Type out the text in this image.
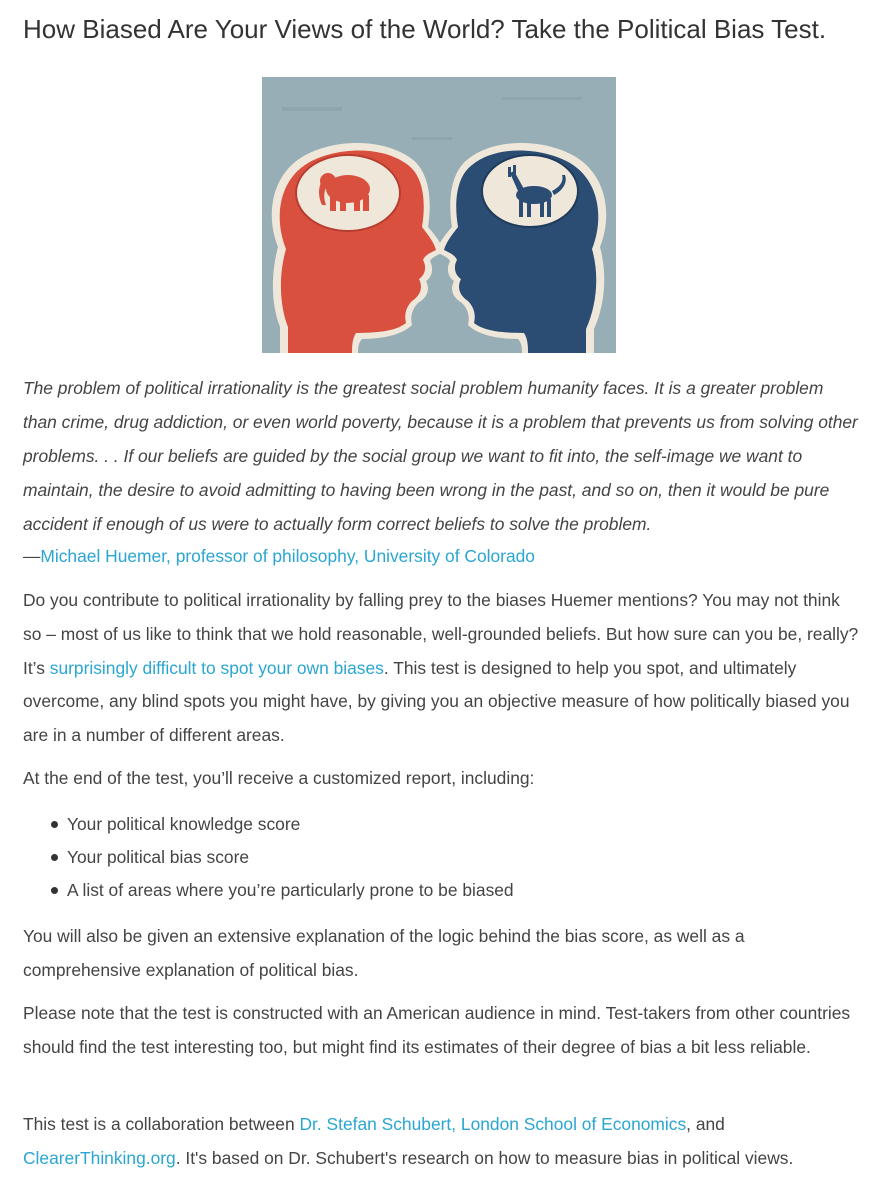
How Biased Are Your Views of the World? Take the Political Bias Test.

The problem of political irrationality is the greatest social problem humanity faces. It is a greater problem than crime, drug addiction, or even world poverty, because it is a problem that prevents us from solving other problems. . . If our beliefs are guided by the social group we want to fit into, the self-image we want to maintain, the desire to avoid admitting to having been wrong in the past, and so on, then it would be pure accident if enough of us were to actually form correct beliefs to solve the problem.

—Michael Huemer, professor of philosophy, University of Colorado

Do you contribute to political irrationality by falling prey to the biases Huemer mentions? You may not think so – most of us like to think that we hold reasonable, well-grounded beliefs. But how sure can you be, really? It’s surprisingly difficult to spot your own biases. This test is designed to help you spot, and ultimately overcome, any blind spots you might have, by giving you an objective measure of how politically biased you are in a number of different areas.

At the end of the test, you’ll receive a customized report, including:

Your political knowledge score
Your political bias score
A list of areas where you’re particularly prone to be biased

You will also be given an extensive explanation of the logic behind the bias score, as well as a comprehensive explanation of political bias.

Please note that the test is constructed with an American audience in mind. Test-takers from other countries should find the test interesting too, but might find its estimates of their degree of bias a bit less reliable.

This test is a collaboration between Dr. Stefan Schubert, London School of Economics, and ClearerThinking.org. It's based on Dr. Schubert's research on how to measure bias in political views.
